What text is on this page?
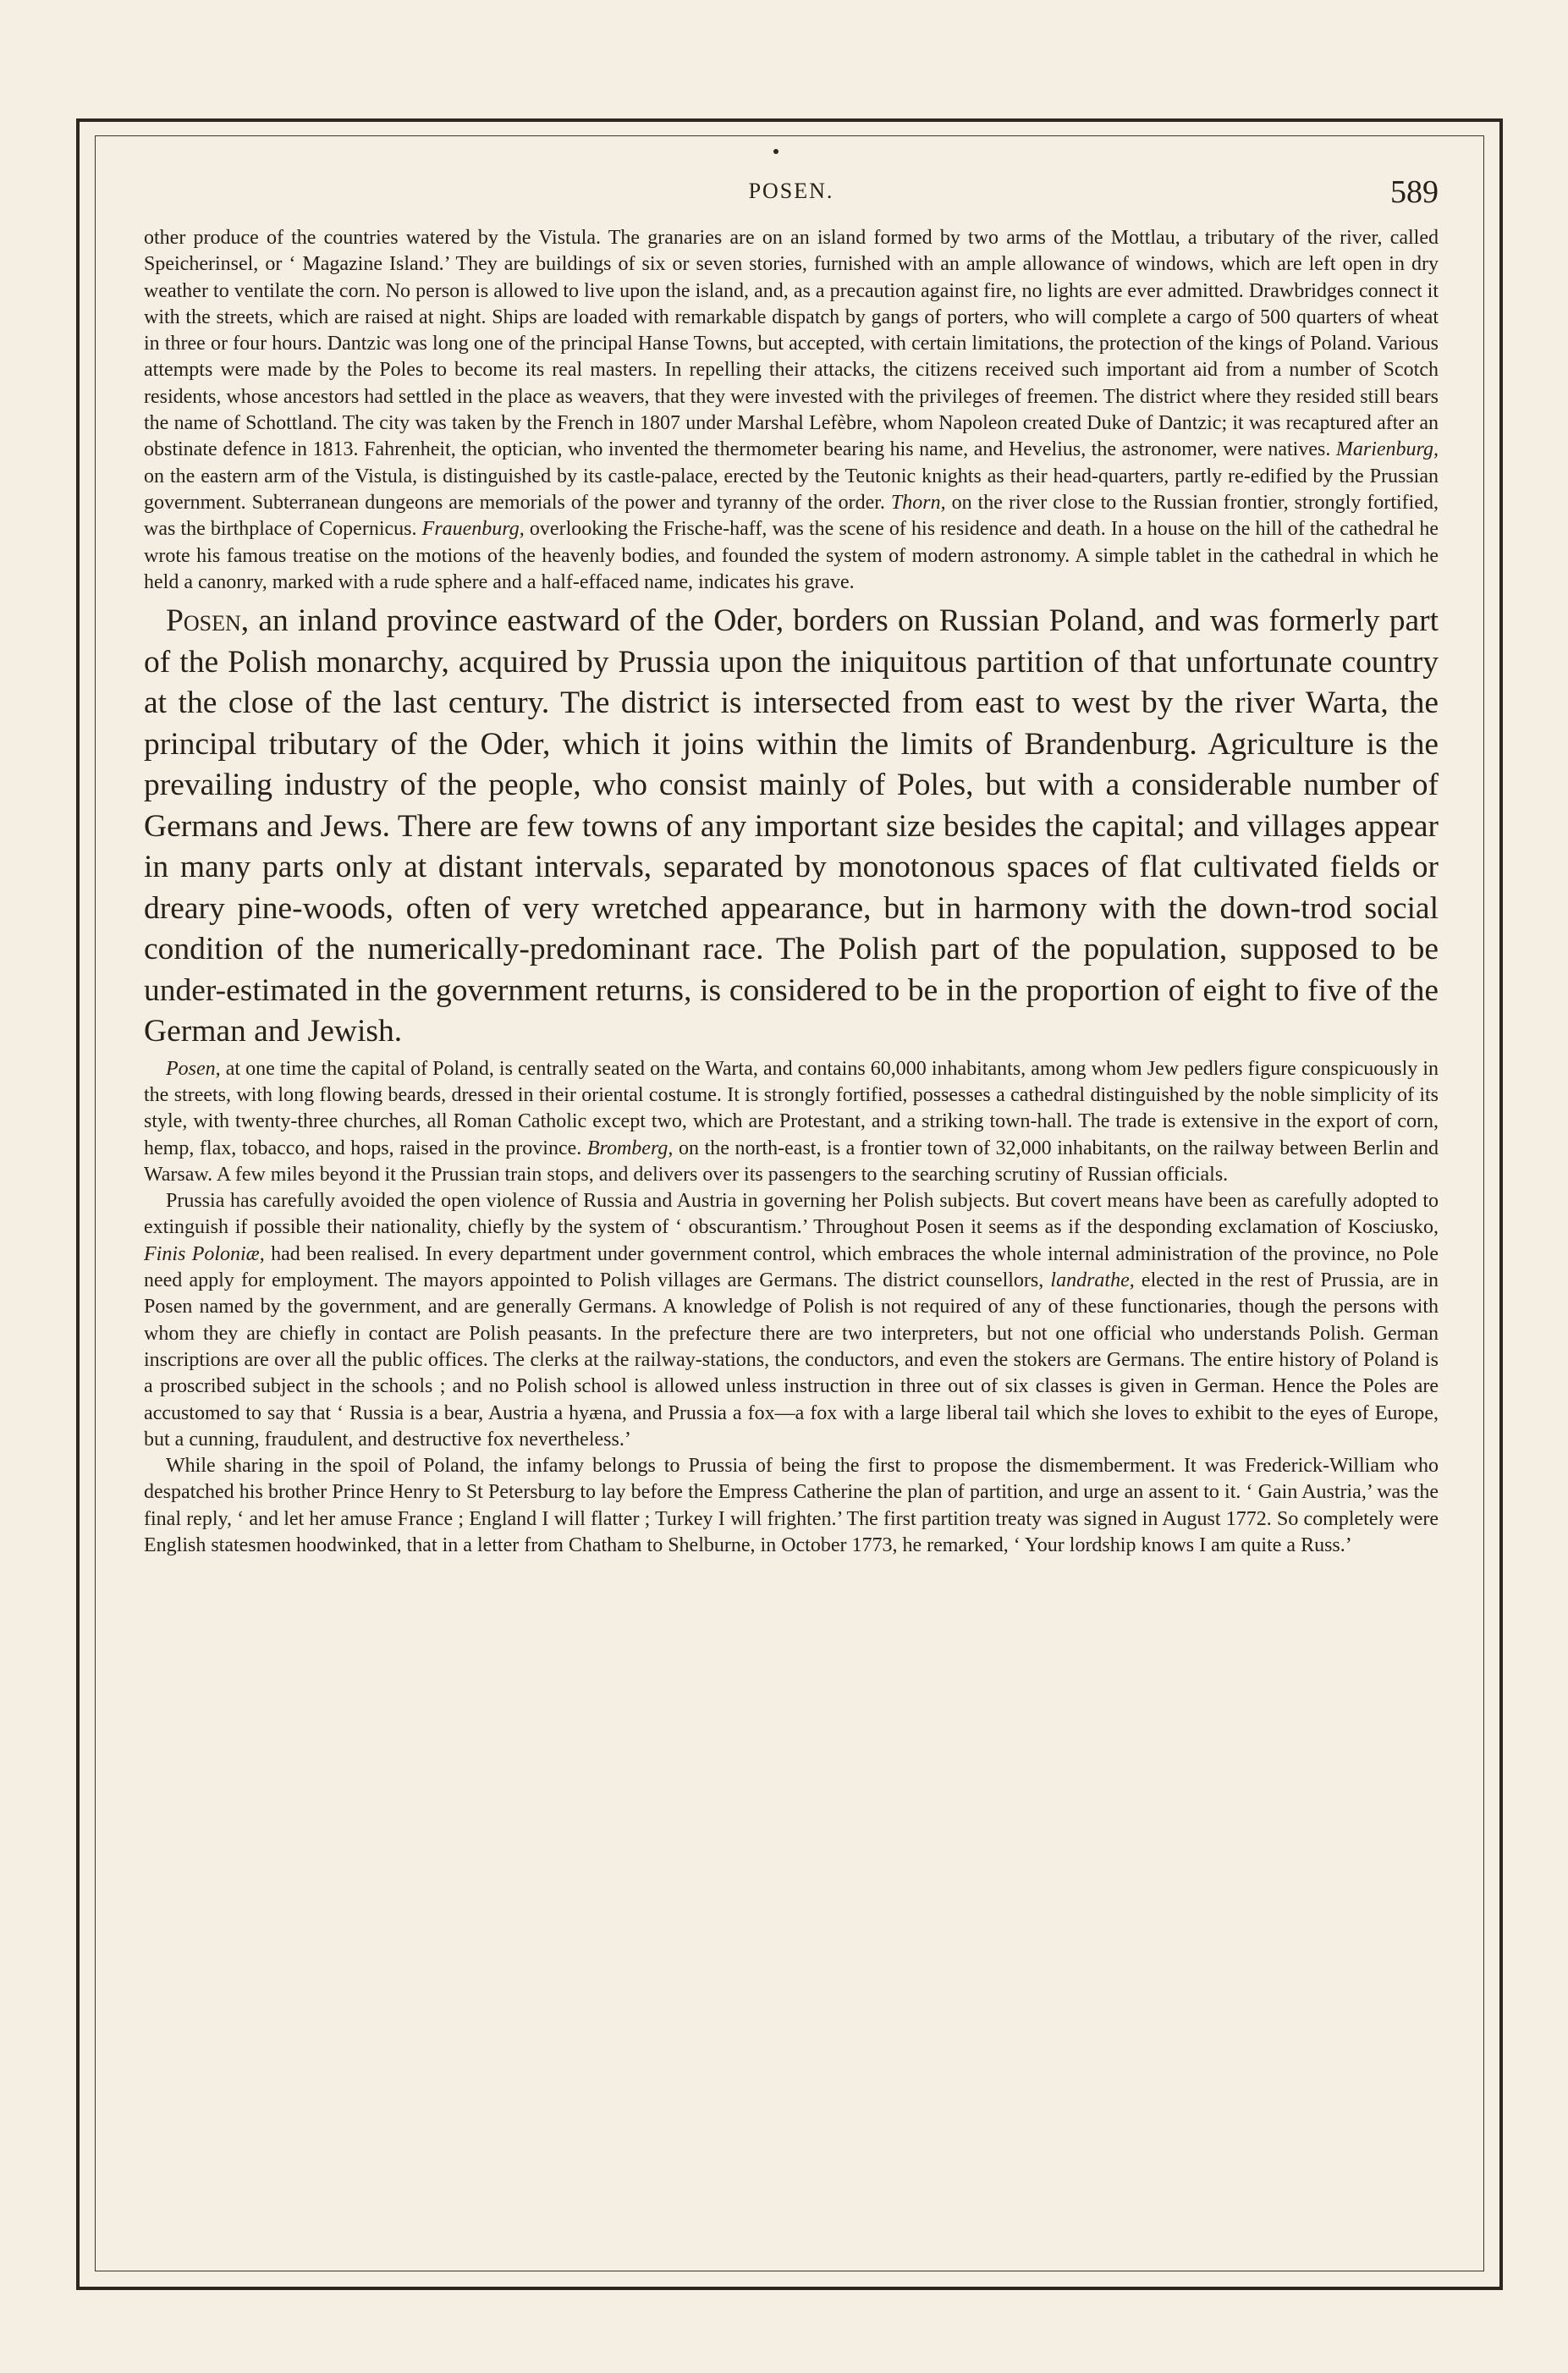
POSEN.	589

other produce of the countries watered by the Vistula. The granaries are on an island formed by two arms of the Mottlau, a tributary of the river, called Speicherinsel, or ‘ Magazine Island.’ They are buildings of six or seven stories, furnished with an ample allowance of windows, which are left open in dry weather to ventilate the corn. No person is allowed to live upon the island, and, as a precaution against fire, no lights are ever admitted. Drawbridges connect it with the streets, which are raised at night. Ships are loaded with remarkable dispatch by gangs of porters, who will complete a cargo of 500 quarters of wheat in three or four hours. Dantzic was long one of the principal Hanse Towns, but accepted, with certain limitations, the protection of the kings of Poland. Various attempts were made by the Poles to become its real masters. In repelling their attacks, the citizens received such important aid from a number of Scotch residents, whose ancestors had settled in the place as weavers, that they were invested with the privileges of freemen. The district where they resided still bears the name of Schottland. The city was taken by the French in 1807 under Marshal Lefèbre, whom Napoleon created Duke of Dantzic; it was recaptured after an obstinate defence in 1813. Fahrenheit, the optician, who invented the thermometer bearing his name, and Hevelius, the astronomer, were natives. Marienburg, on the eastern arm of the Vistula, is distinguished by its castle-palace, erected by the Teutonic knights as their head-quarters, partly re-edified by the Prussian government. Subterranean dungeons are memorials of the power and tyranny of the order. Thorn, on the river close to the Russian frontier, strongly fortified, was the birthplace of Copernicus. Frauenburg, overlooking the Frische-haff, was the scene of his residence and death. In a house on the hill of the cathedral he wrote his famous treatise on the motions of the heavenly bodies, and founded the system of modern astronomy. A simple tablet in the cathedral in which he held a canonry, marked with a rude sphere and a half-effaced name, indicates his grave.

Posen, an inland province eastward of the Oder, borders on Russian Poland, and was formerly part of the Polish monarchy, acquired by Prussia upon the iniquitous partition of that unfortunate country at the close of the last century. The district is intersected from east to west by the river Warta, the principal tributary of the Oder, which it joins within the limits of Brandenburg. Agriculture is the prevailing industry of the people, who consist mainly of Poles, but with a considerable number of Germans and Jews. There are few towns of any important size besides the capital; and villages appear in many parts only at distant intervals, separated by monotonous spaces of flat cultivated fields or dreary pine-woods, often of very wretched appearance, but in harmony with the down-trod social condition of the numerically-predominant race. The Polish part of the population, supposed to be under-estimated in the government returns, is considered to be in the proportion of eight to five of the German and Jewish.

Posen, at one time the capital of Poland, is centrally seated on the Warta, and contains 60,000 inhabitants, among whom Jew pedlers figure conspicuously in the streets, with long flowing beards, dressed in their oriental costume. It is strongly fortified, possesses a cathedral distinguished by the noble simplicity of its style, with twenty-three churches, all Roman Catholic except two, which are Protestant, and a striking town-hall. The trade is extensive in the export of corn, hemp, flax, tobacco, and hops, raised in the province. Bromberg, on the north-east, is a frontier town of 32,000 inhabitants, on the railway between Berlin and Warsaw. A few miles beyond it the Prussian train stops, and delivers over its passengers to the searching scrutiny of Russian officials.

Prussia has carefully avoided the open violence of Russia and Austria in governing her Polish subjects. But covert means have been as carefully adopted to extinguish if possible their nationality, chiefly by the system of ‘ obscurantism.’ Throughout Posen it seems as if the desponding exclamation of Kosciusko, Finis Poloniæ, had been realised. In every department under government control, which embraces the whole internal administration of the province, no Pole need apply for employment. The mayors appointed to Polish villages are Germans. The district counsellors, landrathe, elected in the rest of Prussia, are in Posen named by the government, and are generally Germans. A knowledge of Polish is not required of any of these functionaries, though the persons with whom they are chiefly in contact are Polish peasants. In the prefecture there are two interpreters, but not one official who understands Polish. German inscriptions are over all the public offices. The clerks at the railway-stations, the conductors, and even the stokers are Germans. The entire history of Poland is a proscribed subject in the schools ; and no Polish school is allowed unless instruction in three out of six classes is given in German. Hence the Poles are accustomed to say that ‘ Russia is a bear, Austria a hyæna, and Prussia a fox—a fox with a large liberal tail which she loves to exhibit to the eyes of Europe, but a cunning, fraudulent, and destructive fox nevertheless.’

While sharing in the spoil of Poland, the infamy belongs to Prussia of being the first to propose the dismemberment. It was Frederick-William who despatched his brother Prince Henry to St Petersburg to lay before the Empress Catherine the plan of partition, and urge an assent to it. ‘ Gain Austria,’ was the final reply, ‘ and let her amuse France ; England I will flatter ; Turkey I will frighten.’ The first partition treaty was signed in August 1772. So completely were English statesmen hoodwinked, that in a letter from Chatham to Shelburne, in October 1773, he remarked, ‘ Your lordship knows I am quite a Russ.’
